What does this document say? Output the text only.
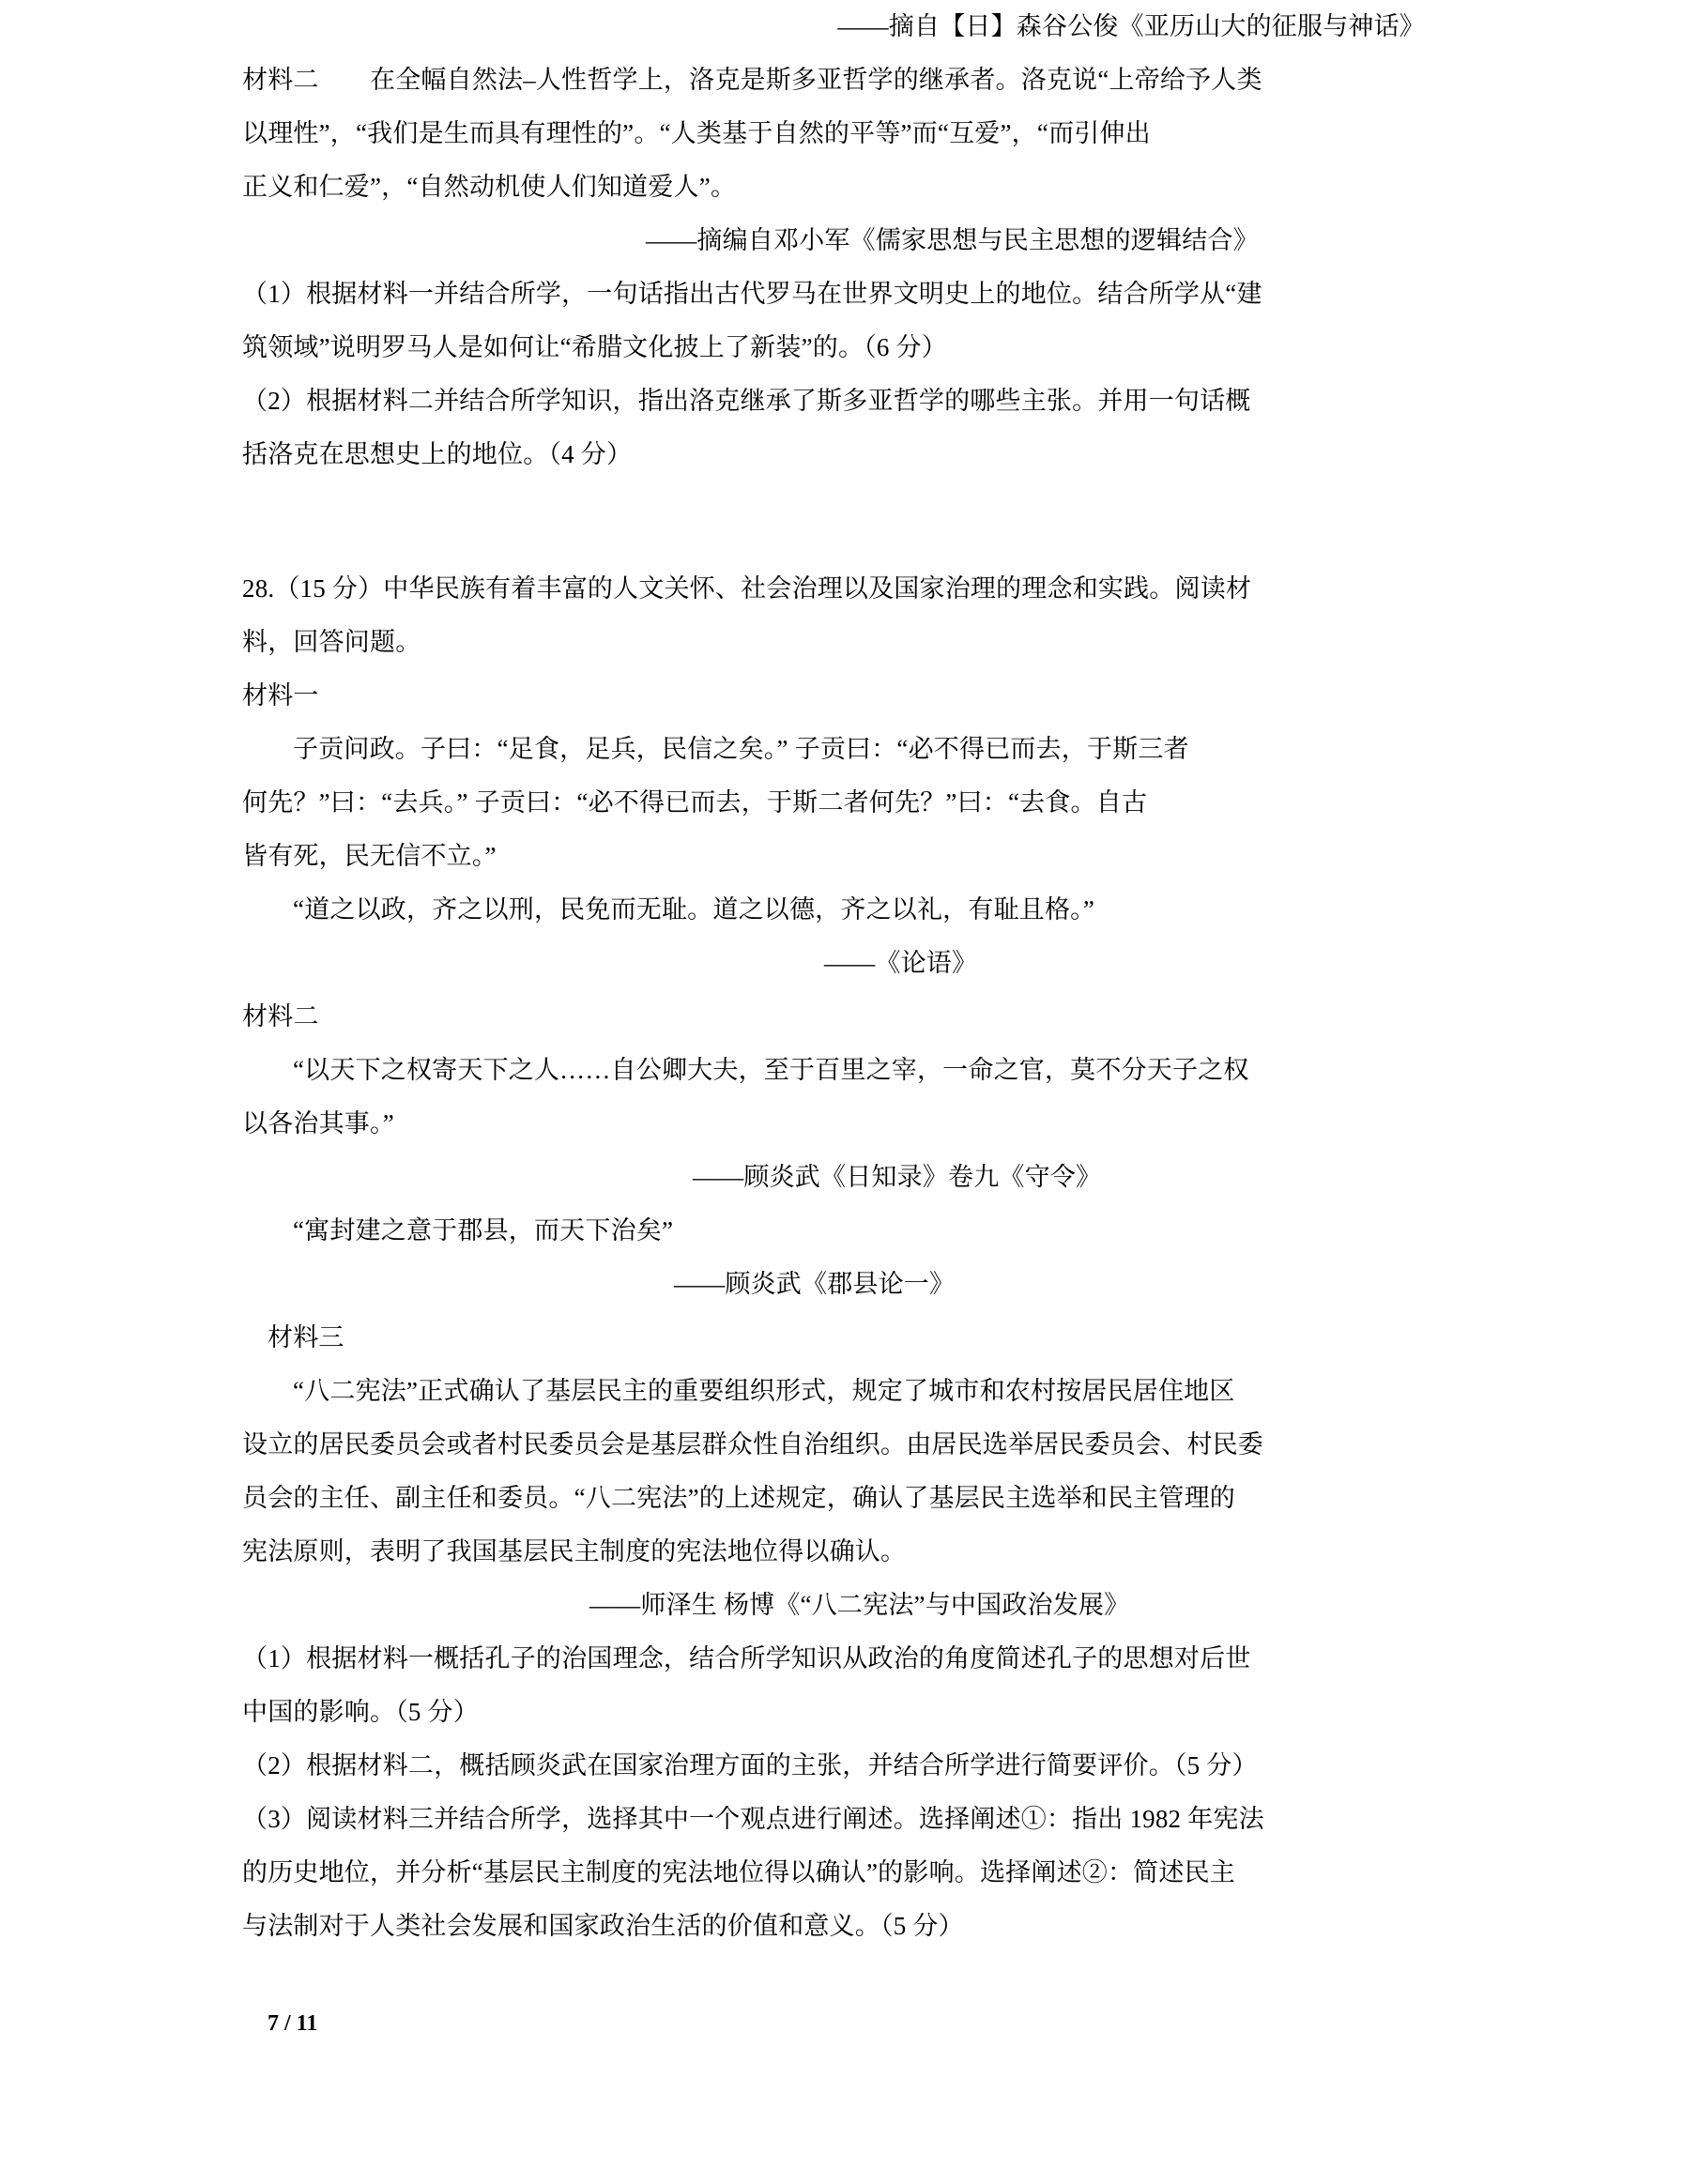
——摘自【日】森谷公俊《亚历山大的征服与神话》
材料二　　 在全幅自然法–人性哲学上，洛克是斯多亚哲学的继承者。洛克说“上帝给予人类
以理性”，“我们是生而具有理性的”。“人类基于自然的平等”而“互爱”，“而引伸出
正义和仁爱”，“自然动机使人们知道爱人”。
——摘编自邓小军《儒家思想与民主思想的逻辑结合》
（1）根据材料一并结合所学，一句话指出古代罗马在世界文明史上的地位。结合所学从“建
筑领域”说明罗马人是如何让“希腊文化披上了新装”的。（6 分）
（2）根据材料二并结合所学知识，指出洛克继承了斯多亚哲学的哪些主张。并用一句话概
括洛克在思想史上的地位。（4 分）
28.（15 分）中华民族有着丰富的人文关怀、社会治理以及国家治理的理念和实践。阅读材
料，回答问题。
材料一
子贡问政。子曰：“足食，足兵，民信之矣。” 子贡曰：“必不得已而去，于斯三者
何先？”曰：“去兵。” 子贡曰：“必不得已而去，于斯二者何先？”曰：“去食。自古
皆有死，民无信不立。”
“道之以政，齐之以刑，民免而无耻。道之以德，齐之以礼，有耻且格。”
——《论语》
材料二
“以天下之权寄天下之人……自公卿大夫，至于百里之宰，一命之官，莫不分天子之权
以各治其事。”
——顾炎武《日知录》卷九《守令》
“寓封建之意于郡县，而天下治矣”
——顾炎武《郡县论一》
材料三
“八二宪法”正式确认了基层民主的重要组织形式，规定了城市和农村按居民居住地区
设立的居民委员会或者村民委员会是基层群众性自治组织。由居民选举居民委员会、村民委
员会的主任、副主任和委员。“八二宪法”的上述规定，确认了基层民主选举和民主管理的
宪法原则，表明了我国基层民主制度的宪法地位得以确认。
——师泽生 杨博《“八二宪法”与中国政治发展》
（1）根据材料一概括孔子的治国理念，结合所学知识从政治的角度简述孔子的思想对后世
中国的影响。（5 分）
（2）根据材料二，概括顾炎武在国家治理方面的主张，并结合所学进行简要评价。（5 分）
（3）阅读材料三并结合所学，选择其中一个观点进行阐述。选择阐述①：指出 1982 年宪法
的历史地位，并分析“基层民主制度的宪法地位得以确认”的影响。选择阐述②：简述民主
与法制对于人类社会发展和国家政治生活的价值和意义。（5 分）
7 / 11
